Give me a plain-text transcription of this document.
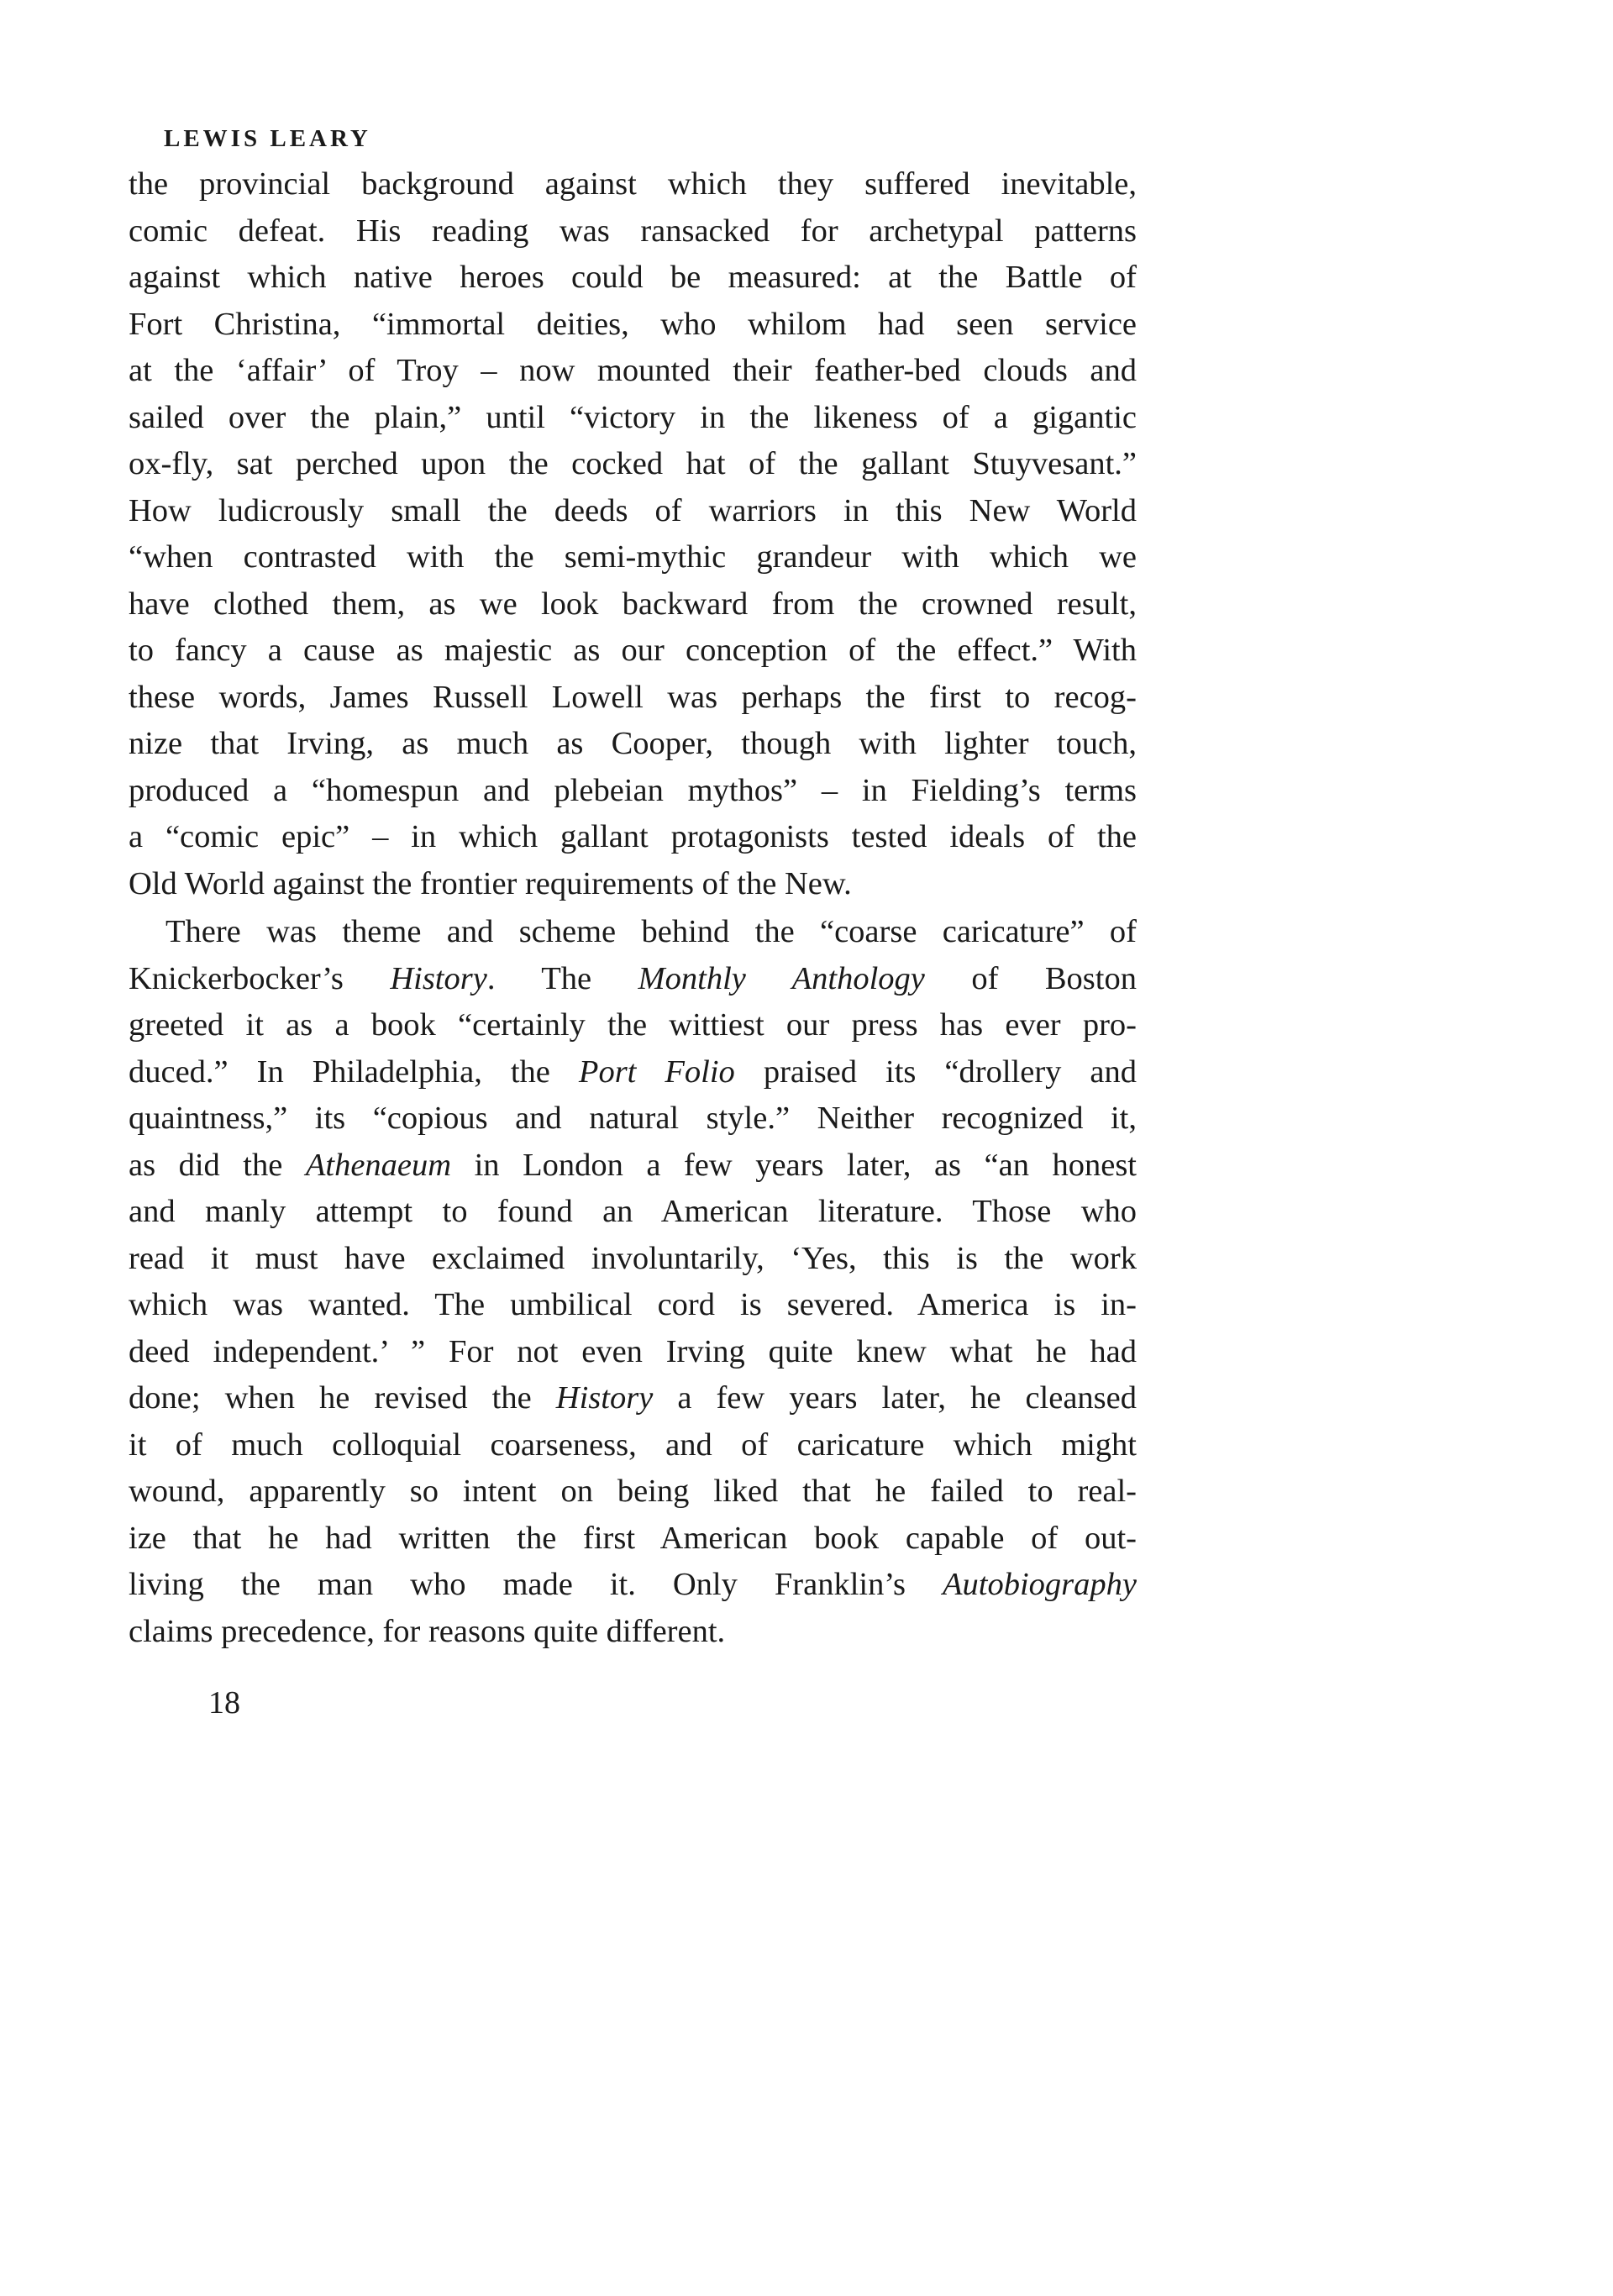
LEWIS LEARY
the provincial background against which they suffered inevitable,
comic defeat. His reading was ransacked for archetypal patterns
against which native heroes could be measured: at the Battle of
Fort Christina, “immortal deities, who whilom had seen service
at the ‘affair’ of Troy – now mounted their feather-bed clouds and
sailed over the plain,” until “victory in the likeness of a gigantic
ox-fly, sat perched upon the cocked hat of the gallant Stuyvesant.”
How ludicrously small the deeds of warriors in this New World
“when contrasted with the semi-mythic grandeur with which we
have clothed them, as we look backward from the crowned result,
to fancy a cause as majestic as our conception of the effect.” With
these words, James Russell Lowell was perhaps the first to recog-
nize that Irving, as much as Cooper, though with lighter touch,
produced a “homespun and plebeian mythos” – in Fielding’s terms
a “comic epic” – in which gallant protagonists tested ideals of the
Old World against the frontier requirements of the New.
There was theme and scheme behind the “coarse caricature” of
Knickerbocker’s History. The Monthly Anthology of Boston
greeted it as a book “certainly the wittiest our press has ever pro-
duced.” In Philadelphia, the Port Folio praised its “drollery and
quaintness,” its “copious and natural style.” Neither recognized it,
as did the Athenaeum in London a few years later, as “an honest
and manly attempt to found an American literature. Those who
read it must have exclaimed involuntarily, ‘Yes, this is the work
which was wanted. The umbilical cord is severed. America is in-
deed independent.’ ” For not even Irving quite knew what he had
done; when he revised the History a few years later, he cleansed
it of much colloquial coarseness, and of caricature which might
wound, apparently so intent on being liked that he failed to real-
ize that he had written the first American book capable of out-
living the man who made it. Only Franklin’s Autobiography
claims precedence, for reasons quite different.
18
